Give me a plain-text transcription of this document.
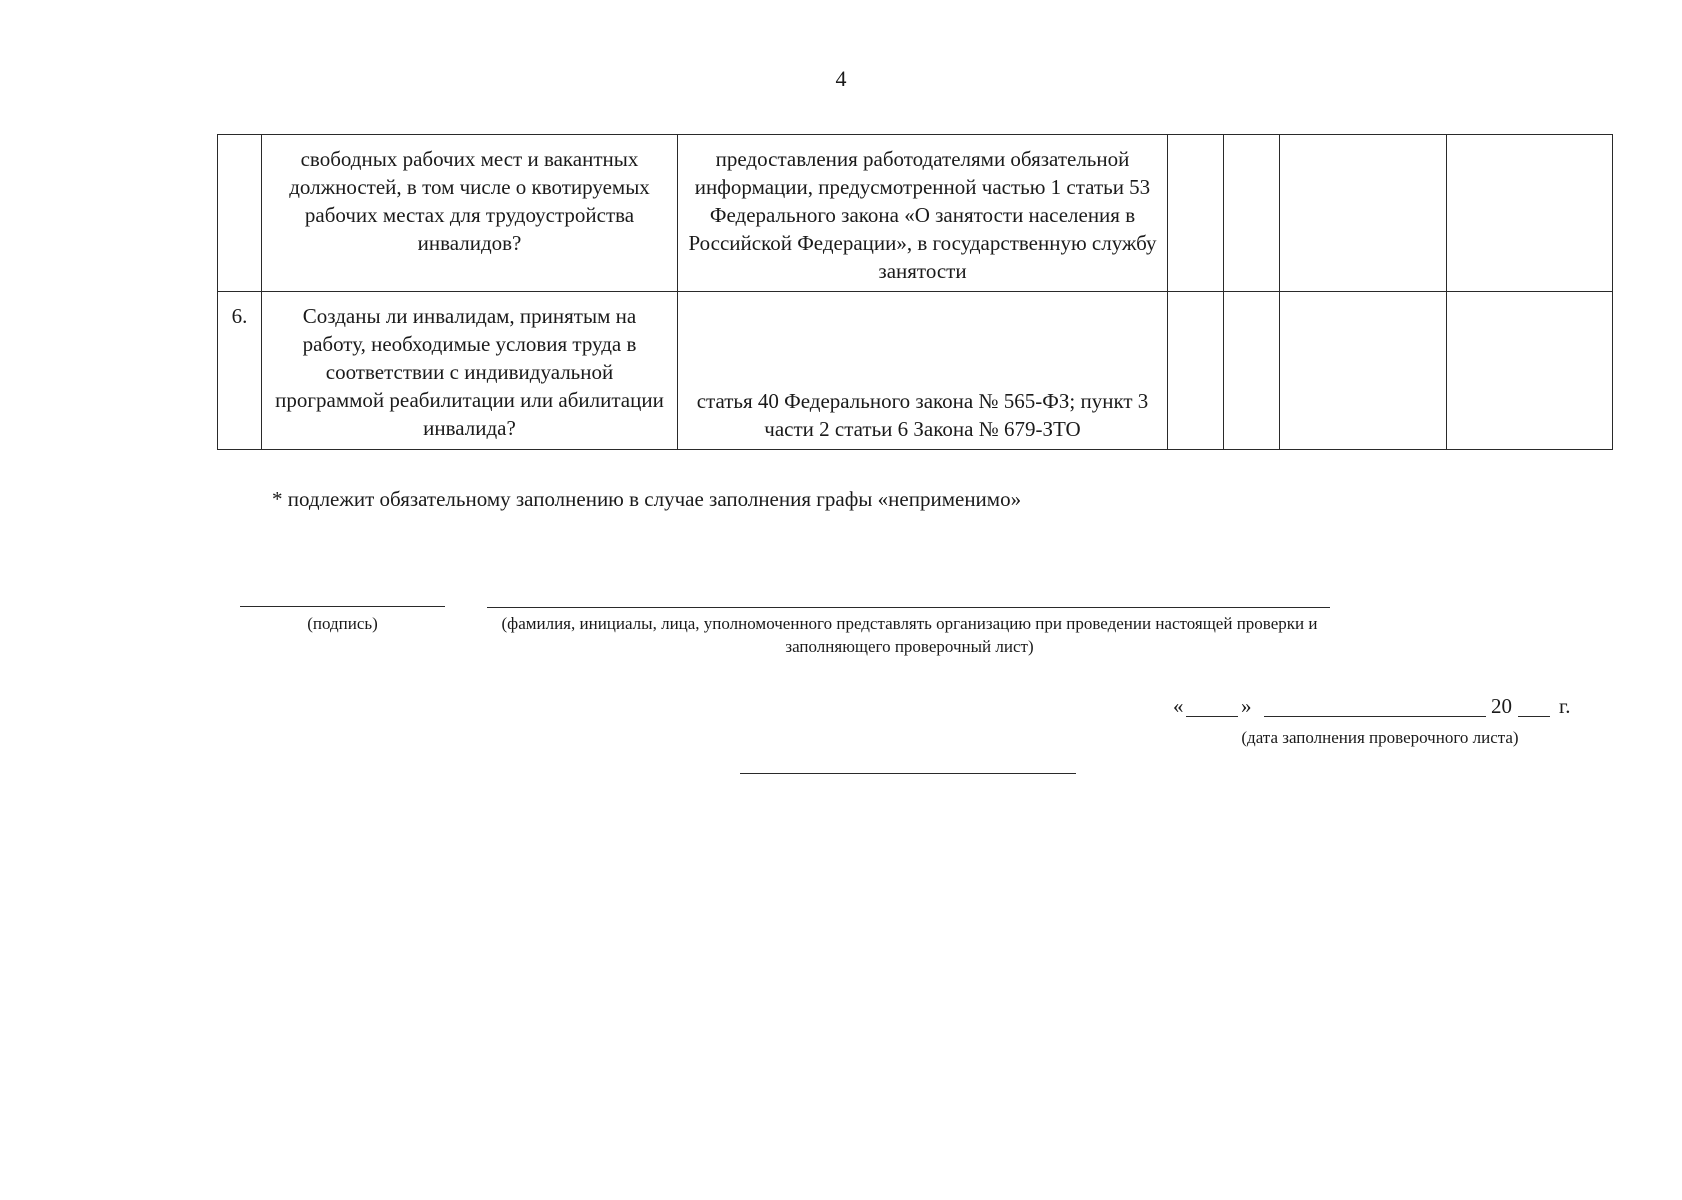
4
	свободных рабочих мест и вакантных должностей, в том числе о квотируемых рабочих местах для трудоустройства инвалидов?	предоставления работодателями обязательной информации, предусмотренной частью 1 статьи 53 Федерального закона «О занятости населения в Российской Федерации», в государственную службу занятости				
6.	Созданы ли инвалидам, принятым на работу, необходимые условия труда в соответствии с индивидуальной программой реабилитации или абилитации инвалида?	статья 40 Федерального закона № 565-ФЗ; пункт 3 части 2 статьи 6 Закона № 679-ЗТО				
* подлежит обязательному заполнению в случае заполнения графы «неприменимо»
(подпись)	(фамилия, инициалы, лица, уполномоченного представлять организацию при проведении настоящей проверки и заполняющего проверочный лист)
«	»	20 г.
(дата заполнения проверочного листа)
